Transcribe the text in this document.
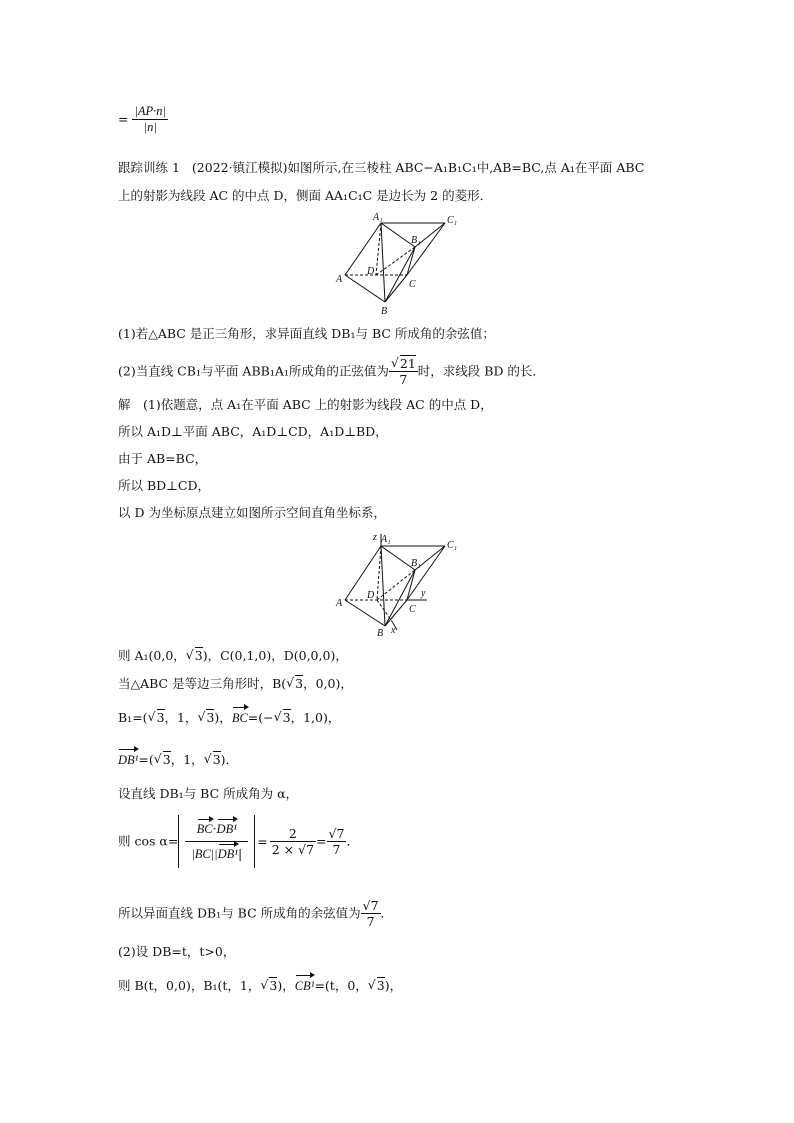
= $\frac{|AP\cdot n|}{|n|}$
跟踪训练 1 (2022·镇江模拟)如图所示,在三棱柱 ABC−A₁B₁C₁中,AB=BC,点 A₁在平面 ABC
上的射影为线段 AC 的中点 D，侧面 AA₁C₁C 是边长为 2 的菱形．
A₁	C₁
B₁
D
A	C
B
(1)若△ABC 是正三角形，求异面直线 DB₁与 BC 所成角的余弦值；
(2)当直线 CB₁与平面 ABB₁A₁所成角的正弦值为 √ $\frac{21}{7}$ 时，求线段 BD 的长．
解　(1)依题意，点 A₁在平面 ABC 上的射影为线段 AC 的中点 D，
所以 A₁D⊥平面 ABC，A₁D⊥CD，A₁D⊥BD，
由于 AB=BC，
所以 BD⊥CD，
以 D 为坐标原点建立如图所示空间直角坐标系，
z A₁
C₁
B₁
D
A
C
y
B x
则 A₁(0,0， √ 3)，C(0,1,0)，D(0,0,0)，
当△ABC 是等边三角形时，B( √ 3，0,0)，
B₁=( √ 3，1， √ 3)，BC=(− √ 3，1,0)，
DB¹=( √ 3，1， √ 3)．
设直线 DB₁与 BC 所成角为 α，
则 $\cos \alpha= \frac{\text{BC·DB¹}}{\text{|BC||DB¹|}} = \frac{2}{2 \times √7} = \frac{√7}{7}$ ．
所以异面直线 DB₁与 BC 所成角的余弦值为 $\frac{√7}{7}$ ．
(2)设 DB=t，t>0，
则 B(t，0,0)，B₁(t，1， √ 3)，CB¹=(t，0， √ 3)，
